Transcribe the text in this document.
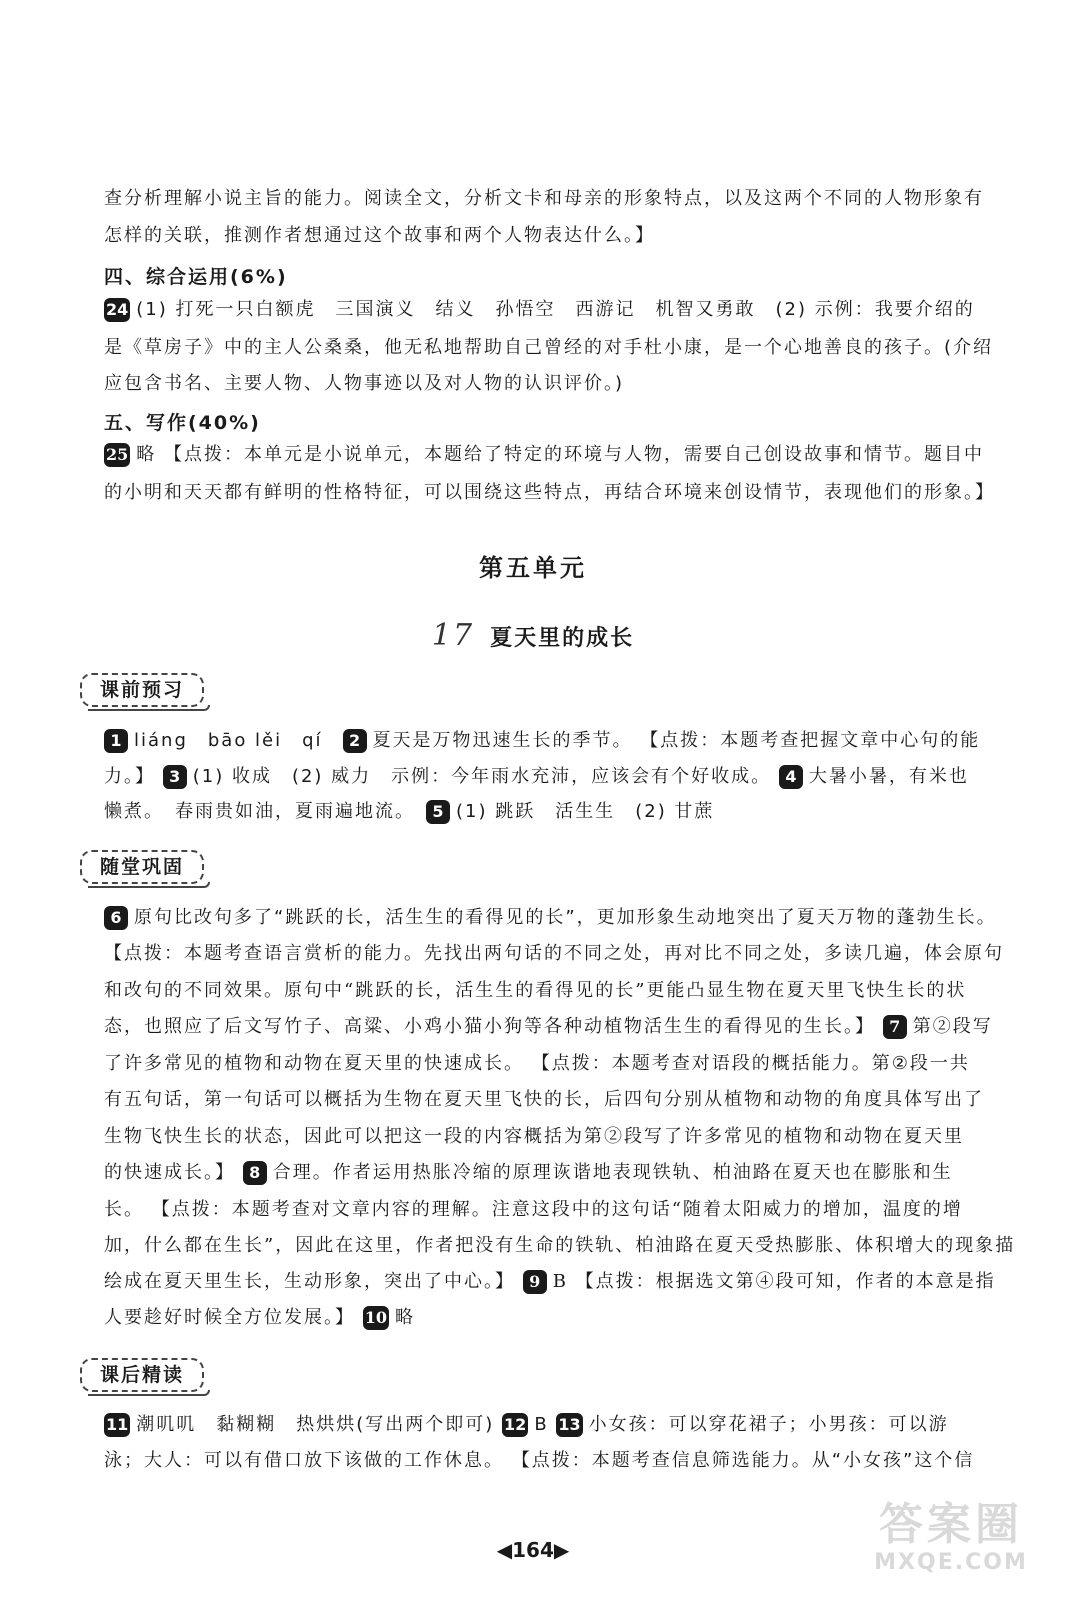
查分析理解小说主旨的能力。阅读全文，分析文卡和母亲的形象特点，以及这两个不同的人物形象有
怎样的关联，推测作者想通过这个故事和两个人物表达什么。】
四、综合运用(6%)
24 (1) 打死一只白额虎　三国演义　结义　孙悟空　西游记　机智又勇敢　(2) 示例：我要介绍的
是《草房子》中的主人公桑桑，他无私地帮助自己曾经的对手杜小康，是一个心地善良的孩子。(介绍
应包含书名、主要人物、人物事迹以及对人物的认识评价。)
五、写作(40%)
25 略 【点拨：本单元是小说单元，本题给了特定的环境与人物，需要自己创设故事和情节。题目中
的小明和天天都有鲜明的性格特征，可以围绕这些特点，再结合环境来创设情节，表现他们的形象。】
第五单元
17 夏天里的成长
课前预习
1 liáng　bāo lěi　qí　 2 夏天是万物迅速生长的季节。 【点拨：本题考查把握文章中心句的能
力。】 3 (1) 收成　(2) 威力　示例：今年雨水充沛，应该会有个好收成。 4 大暑小暑，有米也
懒煮。　春雨贵如油，夏雨遍地流。　 5 (1) 跳跃　活生生　(2) 甘蔗
随堂巩固
6 原句比改句多了“跳跃的长，活生生的看得见的长”，更加形象生动地突出了夏天万物的蓬勃生长。
【点拨：本题考查语言赏析的能力。先找出两句话的不同之处，再对比不同之处，多读几遍，体会原句
和改句的不同效果。原句中“跳跃的长，活生生的看得见的长”更能凸显生物在夏天里飞快生长的状
态，也照应了后文写竹子、高粱、小鸡小猫小狗等各种动植物活生生的看得见的生长。】 7 第②段写
了许多常见的植物和动物在夏天里的快速成长。 【点拨：本题考查对语段的概括能力。第②段一共
有五句话，第一句话可以概括为生物在夏天里飞快的长，后四句分别从植物和动物的角度具体写出了
生物飞快生长的状态，因此可以把这一段的内容概括为第②段写了许多常见的植物和动物在夏天里
的快速成长。】 8 合理。作者运用热胀冷缩的原理诙谐地表现铁轨、柏油路在夏天也在膨胀和生
长。 【点拨：本题考查对文章内容的理解。注意这段中的这句话“随着太阳威力的增加，温度的增
加，什么都在生长”，因此在这里，作者把没有生命的铁轨、柏油路在夏天受热膨胀、体积增大的现象描
绘成在夏天里生长，生动形象，突出了中心。】 9 B 【点拨：根据选文第④段可知，作者的本意是指
人要趁好时候全方位发展。】 10 略
课后精读
11 潮叽叽　黏糊糊　热烘烘(写出两个即可) 12 B 13 小女孩：可以穿花裙子；小男孩：可以游
泳；大人：可以有借口放下该做的工作休息。 【点拨：本题考查信息筛选能力。从“小女孩”这个信
◀164▶	答案圈
MXQE.COM
